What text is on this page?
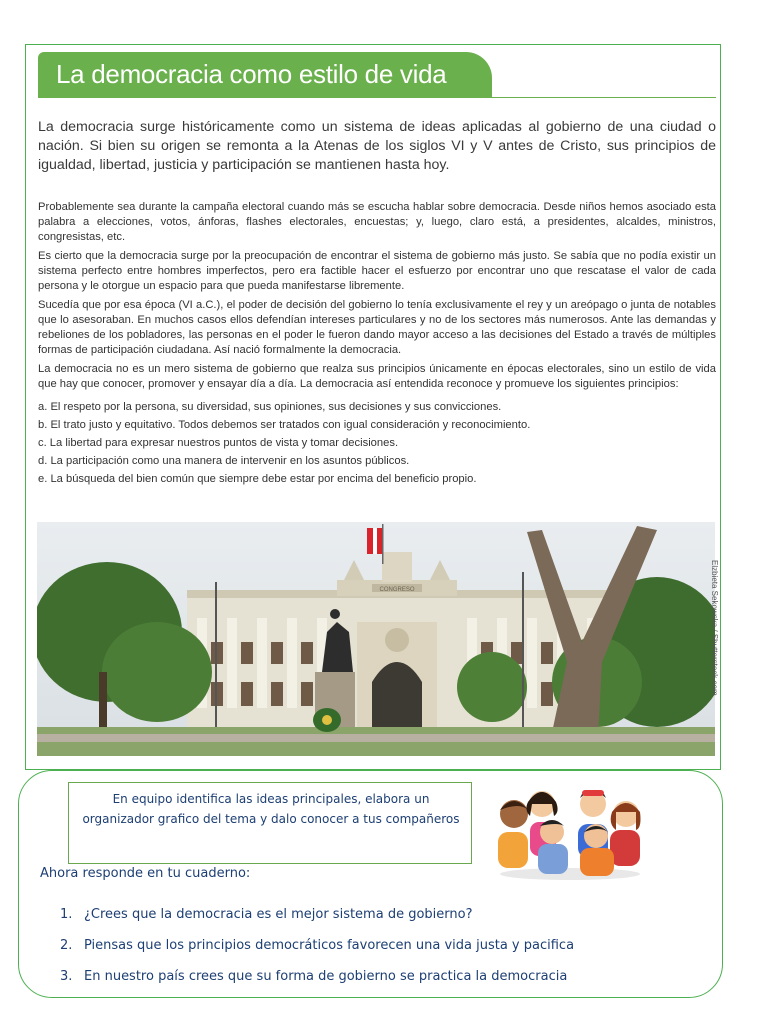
La democracia como estilo de vida

La democracia surge históricamente como un sistema de ideas aplicadas al gobierno de una ciudad o nación. Si bien su origen se remonta a la Atenas de los siglos VI y V antes de Cristo, sus principios de igualdad, libertad, justicia y participación se mantienen hasta hoy.

Probablemente sea durante la campaña electoral cuando más se escucha hablar sobre democracia. Desde niños hemos asociado esta palabra a elecciones, votos, ánforas, flashes electorales, encuestas; y, luego, claro está, a presidentes, alcaldes, ministros, congresistas, etc.

Es cierto que la democracia surge por la preocupación de encontrar el sistema de gobierno más justo. Se sabía que no podía existir un sistema perfecto entre hombres imperfectos, pero era factible hacer el esfuerzo por encontrar uno que rescatase el valor de cada persona y le otorgue un espacio para que pueda manifestarse libremente.

Sucedía que por esa época (VI a.C.), el poder de decisión del gobierno lo tenía exclusivamente el rey y un areópago o junta de notables que lo asesoraban. En muchos casos ellos defendían intereses particulares y no de los sectores más numerosos. Ante las demandas y rebeliones de los pobladores, las personas en el poder le fueron dando mayor acceso a las decisiones del Estado a través de múltiples formas de participación ciudadana. Así nació formalmente la democracia.

La democracia no es un mero sistema de gobierno que realza sus principios únicamente en épocas electorales, sino un estilo de vida que hay que conocer, promover y ensayar día a día. La democracia así entendida reconoce y promueve los siguientes principios:

a. El respeto por la persona, su diversidad, sus opiniones, sus decisiones y sus convicciones.
b. El trato justo y equitativo. Todos debemos ser tratados con igual consideración y reconocimiento.
c. La libertad para expresar nuestros puntos de vista y tomar decisiones.
d. La participación como una manera de intervenir en los asuntos públicos.
e. La búsqueda del bien común que siempre debe estar por encima del beneficio propio.
CONGRESO	Elzbieta Sekowska / Shutterstock.com
En equipo identifica las ideas principales, elabora un organizador grafico del tema y dalo conocer a tus compañeros
Ahora responde en tu cuaderno:
1. ¿Crees que la democracia es el mejor sistema de gobierno?
2. Piensas que los principios democráticos favorecen una vida justa y pacifica
3. En nuestro país crees que su forma de gobierno se practica la democracia
